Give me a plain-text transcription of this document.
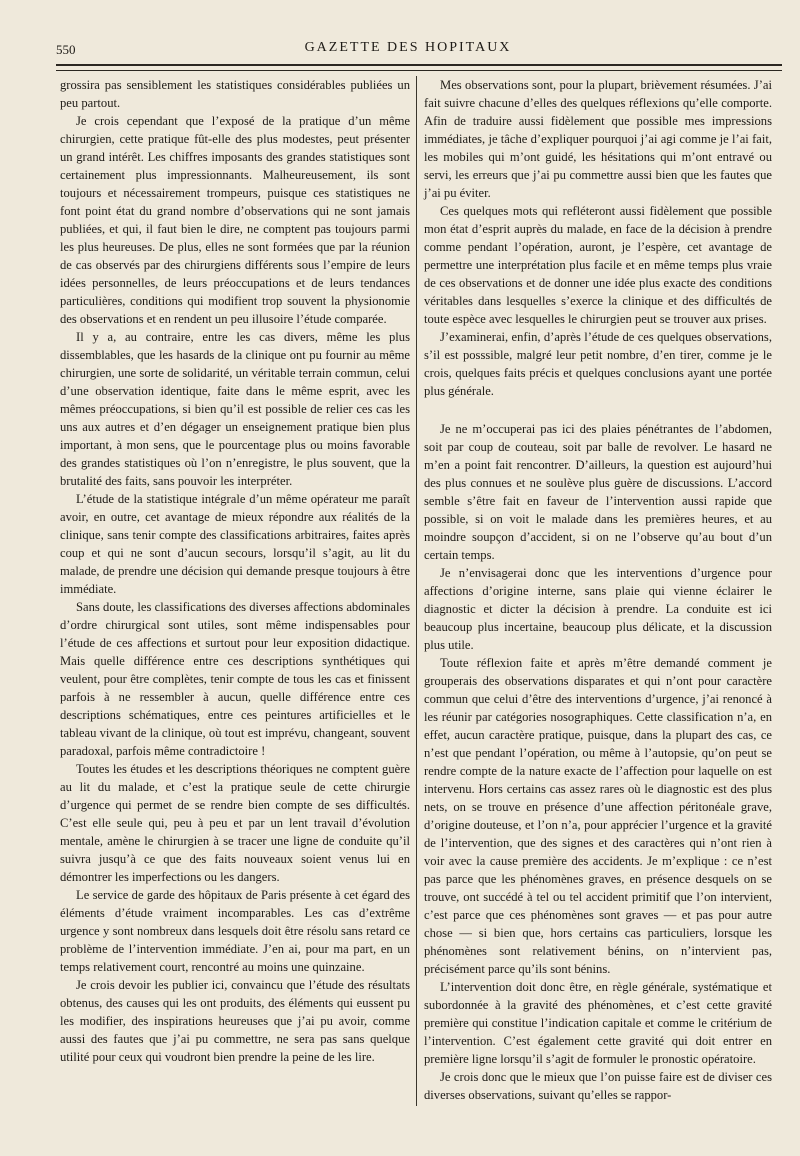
550	GAZETTE DES HOPITAUX

grossira pas sensiblement les statistiques considérables publiées un peu partout.

Je crois cependant que l’exposé de la pratique d’un même chirurgien, cette pratique fût-elle des plus modestes, peut présenter un grand intérêt. Les chiffres imposants des grandes statistiques sont certainement plus impressionnants. Malheureusement, ils sont toujours et nécessairement trompeurs, puisque ces statistiques ne font point état du grand nombre d’observations qui ne sont jamais publiées, et qui, il faut bien le dire, ne comptent pas toujours parmi les plus heureuses. De plus, elles ne sont formées que par la réunion de cas observés par des chirurgiens différents sous l’empire de leurs idées personnelles, de leurs préoccupations et de leurs tendances particulières, conditions qui modifient trop souvent la physionomie des observations et en rendent un peu illusoire l’étude comparée.

Il y a, au contraire, entre les cas divers, même les plus dissemblables, que les hasards de la clinique ont pu fournir au même chirurgien, une sorte de solidarité, un véritable terrain commun, celui d’une observation identique, faite dans le même esprit, avec les mêmes préoccupations, si bien qu’il est possible de relier ces cas les uns aux autres et d’en dégager un enseignement pratique bien plus important, à mon sens, que le pourcentage plus ou moins favorable des grandes statistiques où l’on n’enregistre, le plus souvent, que la brutalité des faits, sans pouvoir les interpréter.

L’étude de la statistique intégrale d’un même opérateur me paraît avoir, en outre, cet avantage de mieux répondre aux réalités de la clinique, sans tenir compte des classifications arbitraires, faites après coup et qui ne sont d’aucun secours, lorsqu’il s’agit, au lit du malade, de prendre une décision qui demande presque toujours à être immédiate.

Sans doute, les classifications des diverses affections abdominales d’ordre chirurgical sont utiles, sont même indispensables pour l’étude de ces affections et surtout pour leur exposition didactique. Mais quelle différence entre ces descriptions synthétiques qui veulent, pour être complètes, tenir compte de tous les cas et finissent parfois à ne ressembler à aucun, quelle différence entre ces descriptions schématiques, entre ces peintures artificielles et le tableau vivant de la clinique, où tout est imprévu, changeant, souvent paradoxal, parfois même contradictoire !

Toutes les études et les descriptions théoriques ne comptent guère au lit du malade, et c’est la pratique seule de cette chirurgie d’urgence qui permet de se rendre bien compte de ses difficultés. C’est elle seule qui, peu à peu et par un lent travail d’évolution mentale, amène le chirurgien à se tracer une ligne de conduite qu’il suivra jusqu’à ce que des faits nouveaux soient venus lui en démontrer les imperfections ou les dangers.

Le service de garde des hôpitaux de Paris présente à cet égard des éléments d’étude vraiment incomparables. Les cas d’extrême urgence y sont nombreux dans lesquels doit être résolu sans retard ce problème de l’intervention immédiate. J’en ai, pour ma part, en un temps relativement court, rencontré au moins une quinzaine.

Je crois devoir les publier ici, convaincu que l’étude des résultats obtenus, des causes qui les ont produits, des éléments qui eussent pu les modifier, des inspirations heureuses que j’ai pu avoir, comme aussi des fautes que j’ai pu commettre, ne sera pas sans quelque utilité pour ceux qui voudront bien prendre la peine de les lire.

Mes observations sont, pour la plupart, brièvement résumées. J’ai fait suivre chacune d’elles des quelques réflexions qu’elle comporte. Afin de traduire aussi fidèlement que possible mes impressions immédiates, je tâche d’expliquer pourquoi j’ai agi comme je l’ai fait, les mobiles qui m’ont guidé, les hésitations qui m’ont entravé ou servi, les erreurs que j’ai pu commettre aussi bien que les fautes que j’ai pu éviter.

Ces quelques mots qui refléteront aussi fidèlement que possible mon état d’esprit auprès du malade, en face de la décision à prendre comme pendant l’opération, auront, je l’espère, cet avantage de permettre une interprétation plus facile et en même temps plus vraie de ces observations et de donner une idée plus exacte des conditions véritables dans lesquelles s’exerce la clinique et des difficultés de toute espèce avec lesquelles le chirurgien peut se trouver aux prises.

J’examinerai, enfin, d’après l’étude de ces quelques observations, s’il est posssible, malgré leur petit nombre, d’en tirer, comme je le crois, quelques faits précis et quelques conclusions ayant une portée plus générale.

Je ne m’occuperai pas ici des plaies pénétrantes de l’abdomen, soit par coup de couteau, soit par balle de revolver. Le hasard ne m’en a point fait rencontrer. D’ailleurs, la question est aujourd’hui des plus connues et ne soulève plus guère de discussions. L’accord semble s’être fait en faveur de l’intervention aussi rapide que possible, si on voit le malade dans les premières heures, et au moindre soupçon d’accident, si on ne l’observe qu’au bout d’un certain temps.

Je n’envisagerai donc que les interventions d’urgence pour affections d’origine interne, sans plaie qui vienne éclairer le diagnostic et dicter la décision à prendre. La conduite est ici beaucoup plus incertaine, beaucoup plus délicate, et la discussion plus utile.

Toute réflexion faite et après m’être demandé comment je grouperais des observations disparates et qui n’ont pour caractère commun que celui d’être des interventions d’urgence, j’ai renoncé à les réunir par catégories nosographiques. Cette classification n’a, en effet, aucun caractère pratique, puisque, dans la plupart des cas, ce n’est que pendant l’opération, ou même à l’autopsie, qu’on peut se rendre compte de la nature exacte de l’affection pour laquelle on est intervenu. Hors certains cas assez rares où le diagnostic est des plus nets, on se trouve en présence d’une affection péritonéale grave, d’origine douteuse, et l’on n’a, pour apprécier l’urgence et la gravité de l’intervention, que des signes et des caractères qui n’ont rien à voir avec la cause première des accidents. Je m’explique : ce n’est pas parce que les phénomènes graves, en présence desquels on se trouve, ont succédé à tel ou tel accident primitif que l’on intervient, c’est parce que ces phénomènes sont graves — et pas pour autre chose — si bien que, hors certains cas particuliers, lorsque les phénomènes sont relativement bénins, on n’intervient pas, précisément parce qu’ils sont bénins.

L’intervention doit donc être, en règle générale, systématique et subordonnée à la gravité des phénomènes, et c’est cette gravité première qui constitue l’indication capitale et comme le critérium de l’intervention. C’est également cette gravité qui doit entrer en première ligne lorsqu’il s’agit de formuler le pronostic opératoire.

Je crois donc que le mieux que l’on puisse faire est de diviser ces diverses observations, suivant qu’elles se rappor-
